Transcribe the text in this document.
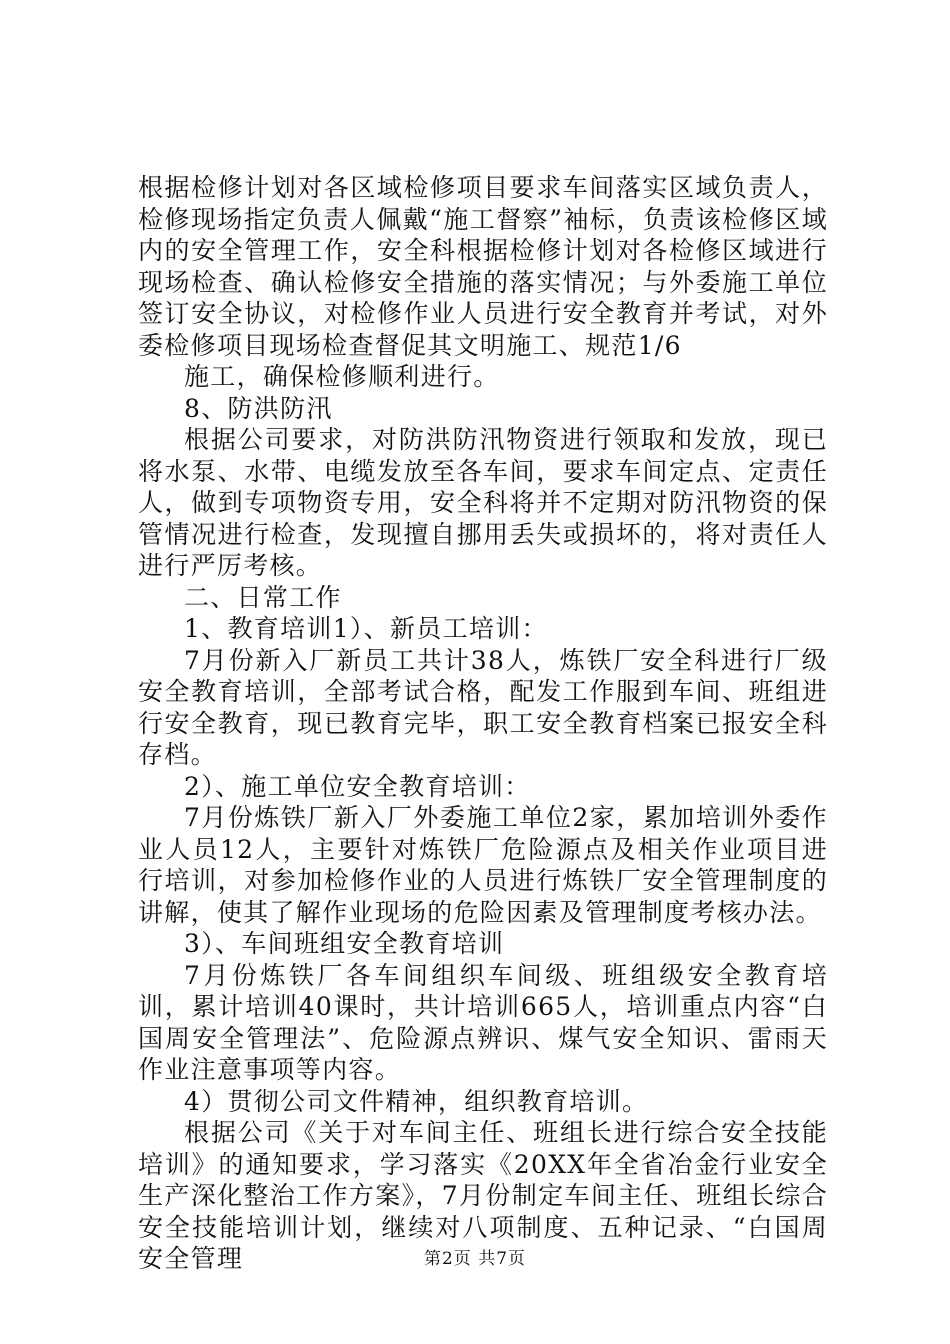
根据检修计划对各区域检修项目要求车间落实区域负责人，检修现场指定负责人佩戴“施工督察”袖标，负责该检修区域内的安全管理工作，安全科根据检修计划对各检修区域进行现场检查、确认检修安全措施的落实情况；与外委施工单位签订安全协议，对检修作业人员进行安全教育并考试，对外委检修项目现场检查督促其文明施工、规范1/6

施工，确保检修顺利进行。

8、防洪防汛

根据公司要求，对防洪防汛物资进行领取和发放，现已将水泵、水带、电缆发放至各车间，要求车间定点、定责任人，做到专项物资专用，安全科将并不定期对防汛物资的保管情况进行检查，发现擅自挪用丢失或损坏的，将对责任人进行严厉考核。

二、日常工作

1、教育培训1）、新员工培训：

7月份新入厂新员工共计38人，炼铁厂安全科进行厂级安全教育培训，全部考试合格，配发工作服到车间、班组进行安全教育，现已教育完毕，职工安全教育档案已报安全科存档。

2）、施工单位安全教育培训：

7月份炼铁厂新入厂外委施工单位2家，累加培训外委作业人员12人，主要针对炼铁厂危险源点及相关作业项目进行培训，对参加检修作业的人员进行炼铁厂安全管理制度的讲解，使其了解作业现场的危险因素及管理制度考核办法。

3）、车间班组安全教育培训

7月份炼铁厂各车间组织车间级、班组级安全教育培训，累计培训40课时，共计培训665人，培训重点内容“白国周安全管理法”、危险源点辨识、煤气安全知识、雷雨天作业注意事项等内容。

4）贯彻公司文件精神，组织教育培训。

根据公司《关于对车间主任、班组长进行综合安全技能培训》的通知要求，学习落实《20XX年全省冶金行业安全生产深化整治工作方案》，7月份制定车间主任、班组长综合安全技能培训计划，继续对八项制度、五种记录、“白国周安全管理	第2页 共7页
